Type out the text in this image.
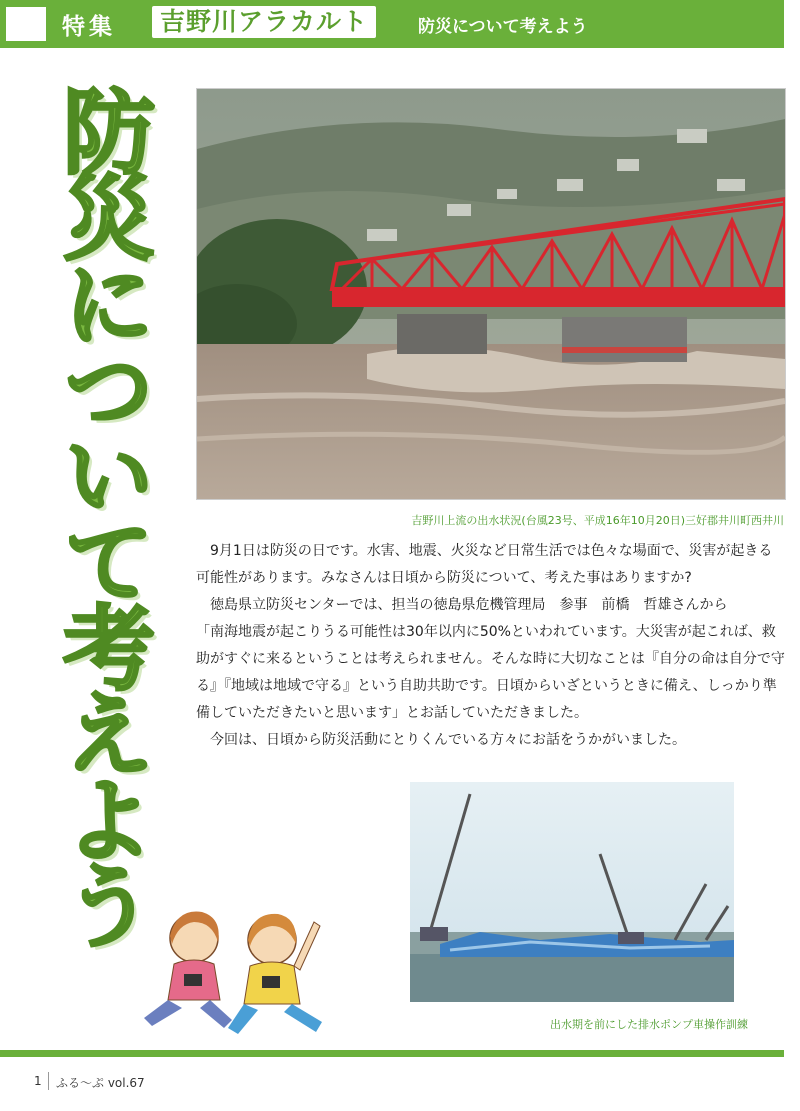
特集	吉野川アラカルト	防災について考えよう
防災について考えよう	吉野川上流の出水状況(台風23号、平成16年10月20日)三好郡井川町西井川

9月1日は防災の日です。水害、地震、火災など日常生活では色々な場面で、災害が起きる可能性があります。みなさんは日頃から防災について、考えた事はありますか?

徳島県立防災センターでは、担当の徳島県危機管理局　参事　前橋　哲雄さんから

「南海地震が起こりうる可能性は30年以内に50%といわれています。大災害が起これば、救助がすぐに来るということは考えられません。そんな時に大切なことは『自分の命は自分で守る』『地域は地域で守る』という自助共助です。日頃からいざというときに備え、しっかり準備していただきたいと思います」とお話していただきました。

今回は、日頃から防災活動にとりくんでいる方々にお話をうかがいました。

出水期を前にした排水ポンプ車操作訓練
1 ふる〜ぷ vol.67
